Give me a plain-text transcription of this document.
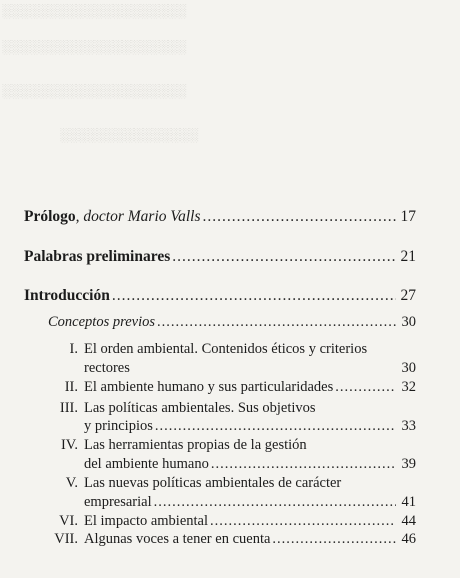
░░░░░░░░░░░░░░░░░░░░
░░░░░░░░░░░░░░░░░░░░
░░░░░░░░░░░░░░░░░░░░
░░░░░░░░░░░░░░░
Prólogo, doctor Mario Valls .....	17
Palabras preliminares .....	21
Introducción .....	27
Conceptos previos .....	30
I. El orden ambiental. Contenidos éticos y criterios
rectores	30
II. El ambiente humano y sus particularidades .....	32
III. Las políticas ambientales. Sus objetivos
y principios .....	33
IV. Las herramientas propias de la gestión
del ambiente humano .....	39
V. Las nuevas políticas ambientales de carácter
empresarial .....	41
VI. El impacto ambiental .....	44
VII. Algunas voces a tener en cuenta .....	46
